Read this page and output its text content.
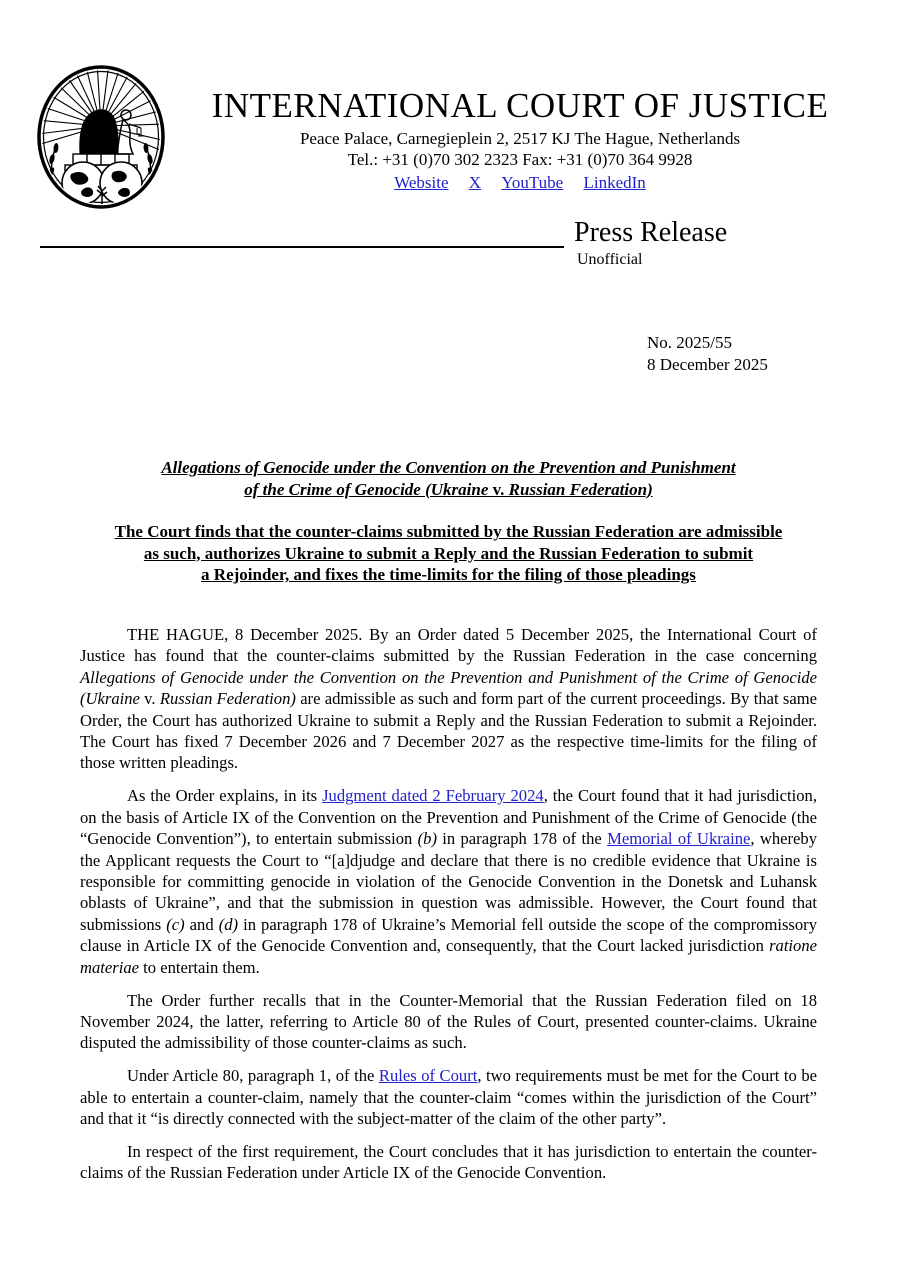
INTERNATIONAL COURT OF JUSTICE
Peace Palace, Carnegieplein 2, 2517 KJ The Hague, Netherlands
Tel.: +31 (0)70 302 2323 Fax: +31 (0)70 364 9928
Website X YouTube LinkedIn
Press Release
Unofficial
No. 2025/55
8 December 2025
Allegations of Genocide under the Convention on the Prevention and Punishment
of the Crime of Genocide (Ukraine v. Russian Federation)
The Court finds that the counter-claims submitted by the Russian Federation are admissible
as such, authorizes Ukraine to submit a Reply and the Russian Federation to submit
a Rejoinder, and fixes the time-limits for the filing of those pleadings

THE HAGUE, 8 December 2025. By an Order dated 5 December 2025, the International Court of Justice has found that the counter-claims submitted by the Russian Federation in the case concerning Allegations of Genocide under the Convention on the Prevention and Punishment of the Crime of Genocide (Ukraine v. Russian Federation) are admissible as such and form part of the current proceedings. By that same Order, the Court has authorized Ukraine to submit a Reply and the Russian Federation to submit a Rejoinder. The Court has fixed 7 December 2026 and 7 December 2027 as the respective time-limits for the filing of those written pleadings.

As the Order explains, in its Judgment dated 2 February 2024, the Court found that it had jurisdiction, on the basis of Article IX of the Convention on the Prevention and Punishment of the Crime of Genocide (the “Genocide Convention”), to entertain submission (b) in paragraph 178 of the Memorial of Ukraine, whereby the Applicant requests the Court to “[a]djudge and declare that there is no credible evidence that Ukraine is responsible for committing genocide in violation of the Genocide Convention in the Donetsk and Luhansk oblasts of Ukraine”, and that the submission in question was admissible. However, the Court found that submissions (c) and (d) in paragraph 178 of Ukraine’s Memorial fell outside the scope of the compromissory clause in Article IX of the Genocide Convention and, consequently, that the Court lacked jurisdiction ratione materiae to entertain them.

The Order further recalls that in the Counter-Memorial that the Russian Federation filed on 18 November 2024, the latter, referring to Article 80 of the Rules of Court, presented counter-claims. Ukraine disputed the admissibility of those counter-claims as such.

Under Article 80, paragraph 1, of the Rules of Court, two requirements must be met for the Court to be able to entertain a counter-claim, namely that the counter-claim “comes within the jurisdiction of the Court” and that it “is directly connected with the subject-matter of the claim of the other party”.

In respect of the first requirement, the Court concludes that it has jurisdiction to entertain the counter-claims of the Russian Federation under Article IX of the Genocide Convention.
